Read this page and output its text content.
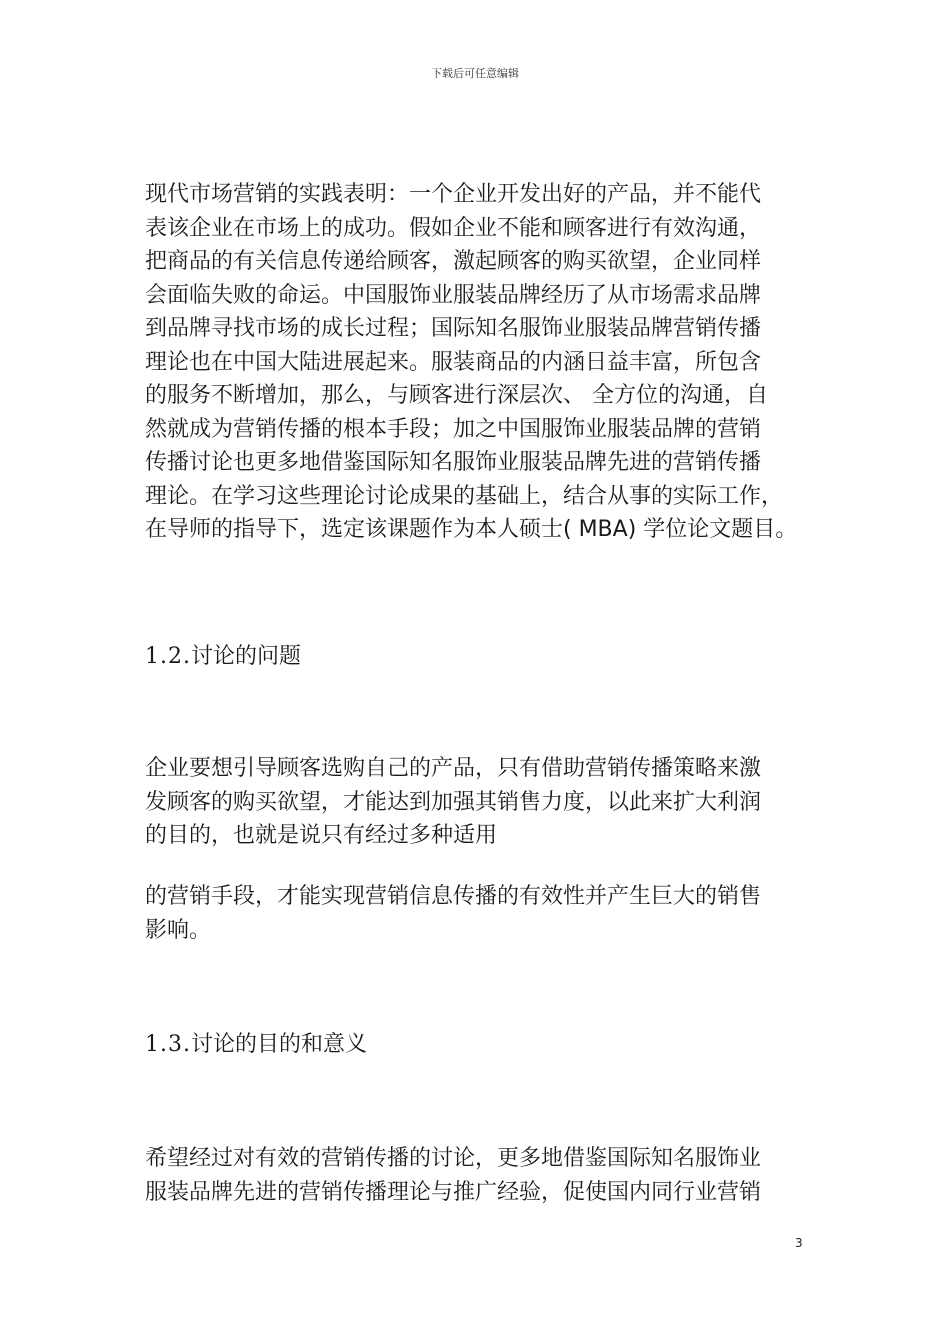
下载后可任意编辑
现代市场营销的实践表明：一个企业开发出好的产品，并不能代
表该企业在市场上的成功。假如企业不能和顾客进行有效沟通，
把商品的有关信息传递给顾客，激起顾客的购买欲望，企业同样
会面临失败的命运。中国服饰业服装品牌经历了从市场需求品牌
到品牌寻找市场的成长过程；国际知名服饰业服装品牌营销传播
理论也在中国大陆进展起来。服装商品的内涵日益丰富，所包含
的服务不断增加，那么，与顾客进行深层次、 全方位的沟通，自
然就成为营销传播的根本手段；加之中国服饰业服装品牌的营销
传播讨论也更多地借鉴国际知名服饰业服装品牌先进的营销传播
理论。在学习这些理论讨论成果的基础上，结合从事的实际工作，
在导师的指导下，选定该课题作为本人硕士( MBA) 学位论文题目。
1.2.讨论的问题
企业要想引导顾客选购自己的产品，只有借助营销传播策略来激
发顾客的购买欲望，才能达到加强其销售力度，以此来扩大利润
的目的，也就是说只有经过多种适用
的营销手段，才能实现营销信息传播的有效性并产生巨大的销售
影响。
1.3.讨论的目的和意义
希望经过对有效的营销传播的讨论，更多地借鉴国际知名服饰业
服装品牌先进的营销传播理论与推广经验，促使国内同行业营销
3
